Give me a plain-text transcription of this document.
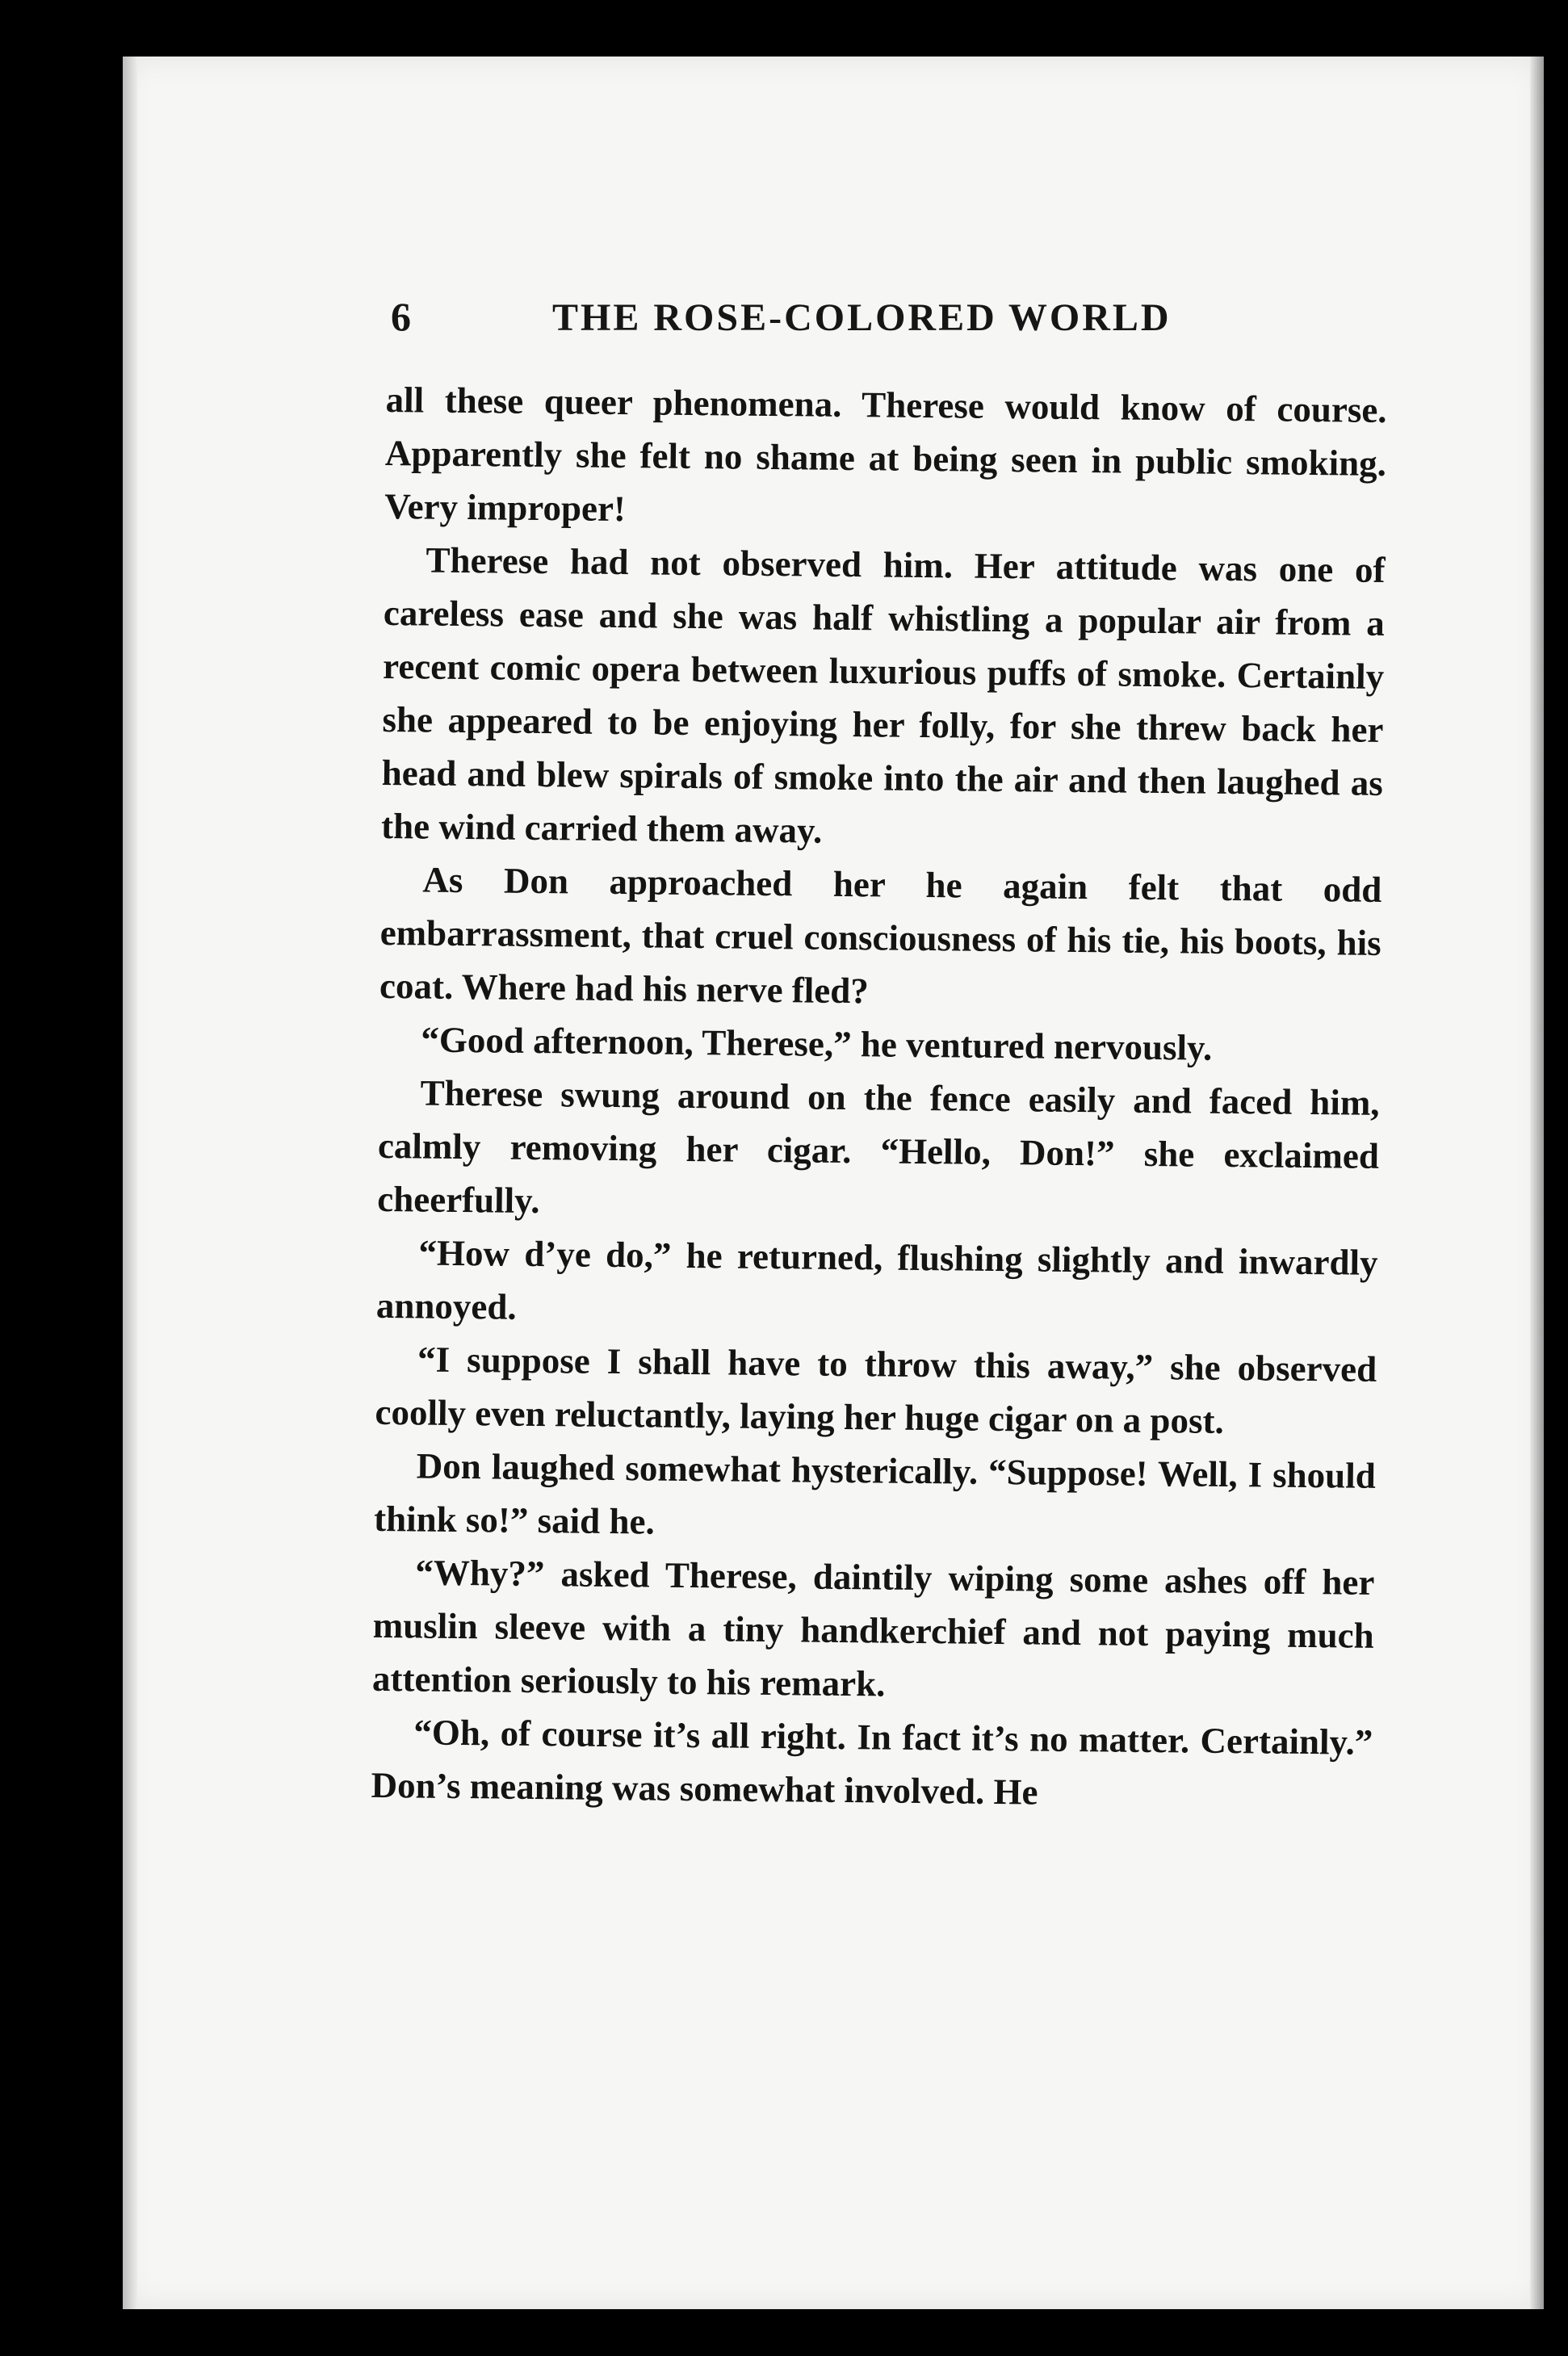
6	THE ROSE-COLORED WORLD

all these queer phenomena. Therese would know of course. Apparently she felt no shame at being seen in public smoking. Very improper!

Therese had not observed him. Her attitude was one of careless ease and she was half whistling a popular air from a recent comic opera between luxurious puffs of smoke. Certainly she appeared to be enjoying her folly, for she threw back her head and blew spirals of smoke into the air and then laughed as the wind carried them away.

As Don approached her he again felt that odd embarrassment, that cruel consciousness of his tie, his boots, his coat. Where had his nerve fled?

“Good afternoon, Therese,” he ventured nervously.

Therese swung around on the fence easily and faced him, calmly removing her cigar. “Hello, Don!” she exclaimed cheerfully.

“How d’ye do,” he returned, flushing slightly and inwardly annoyed.

“I suppose I shall have to throw this away,” she observed coolly even reluctantly, laying her huge cigar on a post.

Don laughed somewhat hysterically. “Suppose! Well, I should think so!” said he.

“Why?” asked Therese, daintily wiping some ashes off her muslin sleeve with a tiny handkerchief and not paying much attention seriously to his remark.

“Oh, of course it’s all right. In fact it’s no matter. Certainly.” Don’s meaning was somewhat involved. He
